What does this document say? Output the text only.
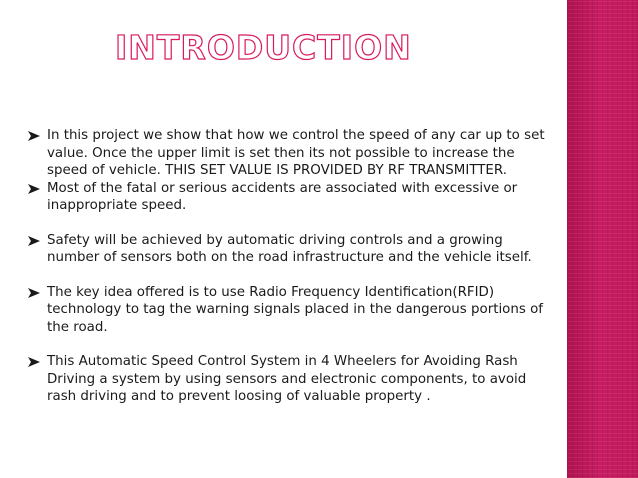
INTRODUCTION
In this project we show that how we control the speed of any car up to set value. Once the upper limit is set then its not possible to increase the speed of vehicle. THIS SET VALUE IS PROVIDED BY RF TRANSMITTER.
Most of the fatal or serious accidents are associated with excessive or inappropriate speed.
Safety will be achieved by automatic driving controls and a growing number of sensors both on the road infrastructure and the vehicle itself.
The key idea offered is to use Radio Frequency Identification(RFID) technology to tag the warning signals placed in the dangerous portions of the road.
This Automatic Speed Control System in 4 Wheelers for Avoiding Rash Driving a system by using sensors and electronic components, to avoid rash driving and to prevent loosing of valuable property .
